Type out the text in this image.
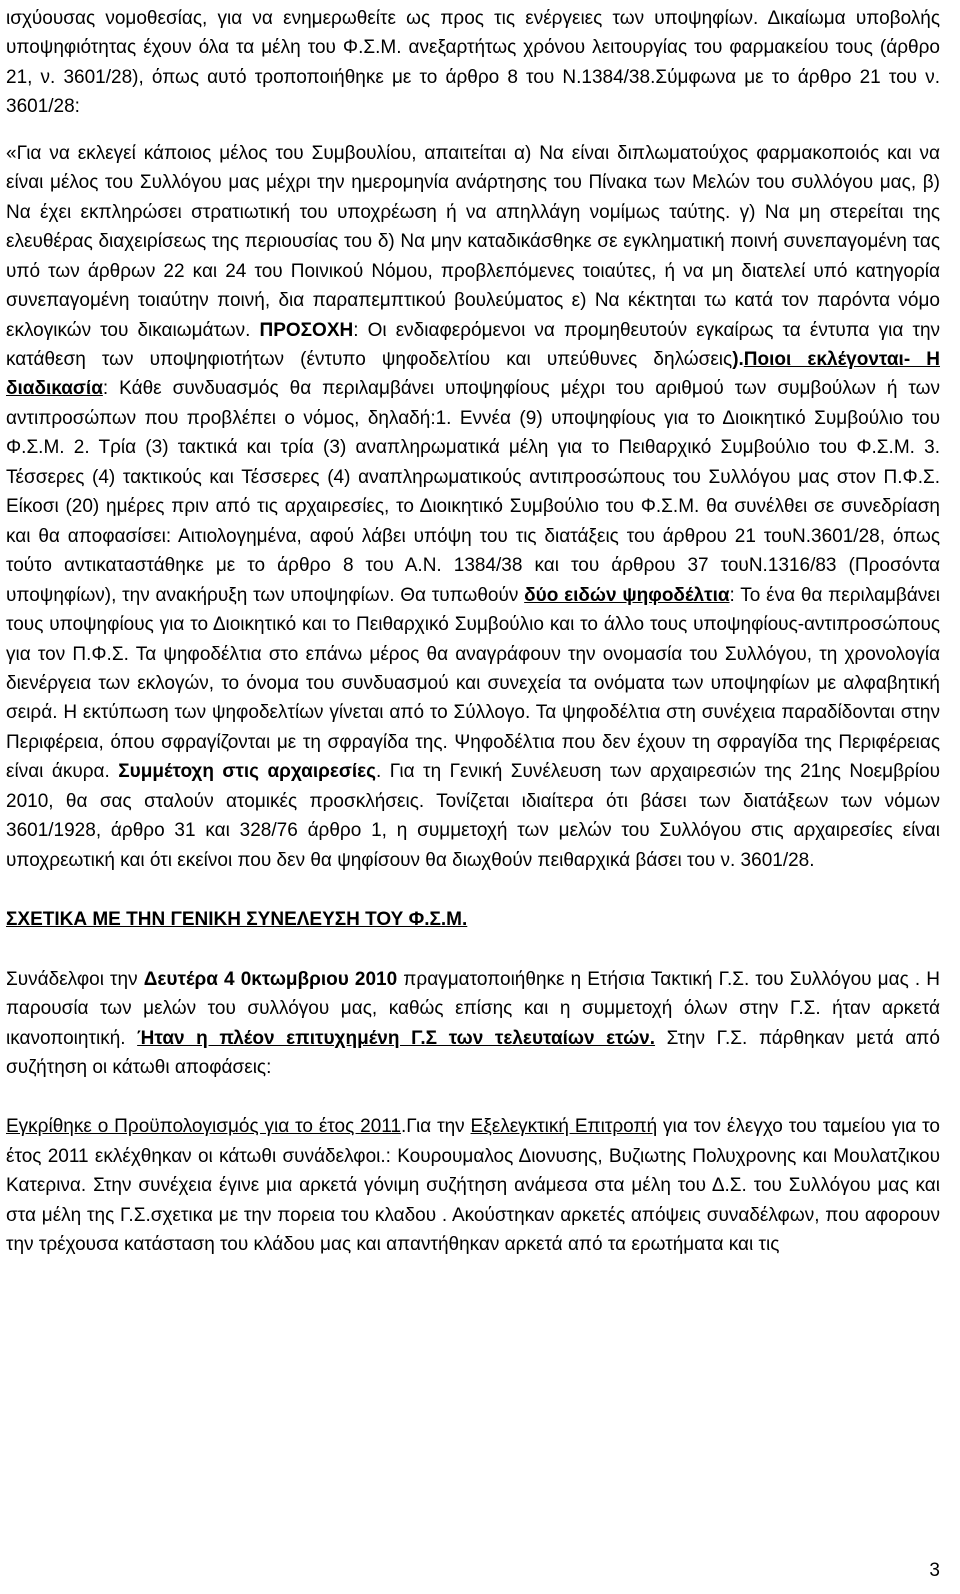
ισχύουσας νομοθεσίας, για να ενημερωθείτε ως προς τις ενέργειες των υποψηφίων. Δικαίωμα υποβολής υποψηφιότητας έχουν όλα τα μέλη του Φ.Σ.Μ. ανεξαρτήτως χρόνου λειτουργίας του φαρμακείου τους (άρθρο 21, ν. 3601/28), όπως αυτό τροποποιήθηκε με το άρθρο 8 του Ν.1384/38.Σύμφωνα με το άρθρο 21 του ν. 3601/28:

«Για να εκλεγεί κάποιος μέλος του Συμβουλίου, απαιτείται α) Να είναι διπλωματούχος φαρμακοποιός και να είναι μέλος του Συλλόγου μας μέχρι την ημερομηνία ανάρτησης του Πίνακα των Μελών του συλλόγου μας, β) Να έχει εκπληρώσει στρατιωτική του υποχρέωση ή να απηλλάγη νομίμως ταύτης. γ) Να μη στερείται της ελευθέρας διαχειρίσεως της περιουσίας του δ) Να μην καταδικάσθηκε σε εγκληματική ποινή συνεπαγομένη τας υπό των άρθρων 22 και 24 του Ποινικού Νόμου, προβλεπόμενες τοιαύτες, ή να μη διατελεί υπό κατηγορία συνεπαγομένη τοιαύτην ποινή, δια παραπεμπτικού βουλεύματος ε) Να κέκτηται τω κατά τον παρόντα νόμο εκλογικών του δικαιωμάτων. ΠΡΟΣΟΧΗ: Οι ενδιαφερόμενοι να προμηθευτούν εγκαίρως τα έντυπα για την κατάθεση των υποψηφιοτήτων (έντυπο ψηφοδελτίου και υπεύθυνες δηλώσεις).Ποιοι εκλέγονται- Η διαδικασία: Κάθε συνδυασμός θα περιλαμβάνει υποψηφίους μέχρι του αριθμού των συμβούλων ή των αντιπροσώπων που προβλέπει ο νόμος, δηλαδή:1. Εννέα (9) υποψηφίους για το Διοικητικό Συμβούλιο του Φ.Σ.Μ. 2. Τρία (3) τακτικά και τρία (3) αναπληρωματικά μέλη για το Πειθαρχικό Συμβούλιο του Φ.Σ.Μ. 3. Τέσσερες (4) τακτικούς και Τέσσερες (4) αναπληρωματικούς αντιπροσώπους του Συλλόγου μας στον Π.Φ.Σ. Είκοσι (20) ημέρες πριν από τις αρχαιρεσίες, το Διοικητικό Συμβούλιο του Φ.Σ.Μ. θα συνέλθει σε συνεδρίαση και θα αποφασίσει: Αιτιολογημένα, αφού λάβει υπόψη του τις διατάξεις του άρθρου 21 τουΝ.3601/28, όπως τούτο αντικαταστάθηκε με το άρθρο 8 του Α.Ν. 1384/38 και του άρθρου 37 τουΝ.1316/83 (Προσόντα υποψηφίων), την ανακήρυξη των υποψηφίων. Θα τυπωθούν δύο ειδών ψηφοδέλτια: Το ένα θα περιλαμβάνει τους υποψηφίους για το Διοικητικό και το Πειθαρχικό Συμβούλιο και το άλλο τους υποψηφίους-αντιπροσώπους για τον Π.Φ.Σ. Τα ψηφοδέλτια στο επάνω μέρος θα αναγράφουν την ονομασία του Συλλόγου, τη χρονολογία διενέργεια των εκλογών, το όνομα του συνδυασμού και συνεχεία τα ονόματα των υποψηφίων με αλφαβητική σειρά. Η εκτύπωση των ψηφοδελτίων γίνεται από το Σύλλογο. Τα ψηφοδέλτια στη συνέχεια παραδίδονται στην Περιφέρεια, όπου σφραγίζονται με τη σφραγίδα της. Ψηφοδέλτια που δεν έχουν τη σφραγίδα της Περιφέρειας είναι άκυρα. Συμμέτοχη στις αρχαιρεσίες. Για τη Γενική Συνέλευση των αρχαιρεσιών της 21ης Νοεμβρίου 2010, θα σας σταλούν ατομικές προσκλήσεις. Τονίζεται ιδιαίτερα ότι βάσει των διατάξεων των νόμων 3601/1928, άρθρο 31 και 328/76 άρθρο 1, η συμμετοχή των μελών του Συλλόγου στις αρχαιρεσίες είναι υποχρεωτική και ότι εκείνοι που δεν θα ψηφίσουν θα διωχθούν πειθαρχικά βάσει του ν. 3601/28.

ΣΧΕΤΙΚΑ ΜΕ ΤΗΝ ΓΕΝΙΚΗ ΣΥΝΕΛΕΥΣΗ ΤΟΥ Φ.Σ.Μ.

Συνάδελφοι την Δευτέρα 4 0κτωμβριου 2010 πραγματοποιήθηκε η Ετήσια Τακτική Γ.Σ. του Συλλόγου μας . Η παρουσία των μελών του συλλόγου μας, καθώς επίσης και η συμμετοχή όλων στην Γ.Σ. ήταν αρκετά ικανοποιητική. Ήταν η πλέον επιτυχημένη Γ.Σ των τελευταίων ετών. Στην Γ.Σ. πάρθηκαν μετά από συζήτηση οι κάτωθι αποφάσεις:

Εγκρίθηκε ο Προϋπολογισμός για το έτος 2011.Για την Εξελεγκτική Επιτροπή για τον έλεγχο του ταμείου για το έτος 2011 εκλέχθηκαν οι κάτωθι συνάδελφοι.: Κουρουμαλος Διονυσης, Βυζιωτης Πολυχρονης και Μουλατζικου Κατερινα. Στην συνέχεια έγινε μια αρκετά γόνιμη συζήτηση ανάμεσα στα μέλη του Δ.Σ. του Συλλόγου μας και στα μέλη της Γ.Σ.σχετικα με την πορεια του κλαδου . Ακούστηκαν αρκετές απόψεις συναδέλφων, που αφορουν την τρέχουσα κατάσταση του κλάδου μας και απαντήθηκαν αρκετά από τα ερωτήματα και τις

3
